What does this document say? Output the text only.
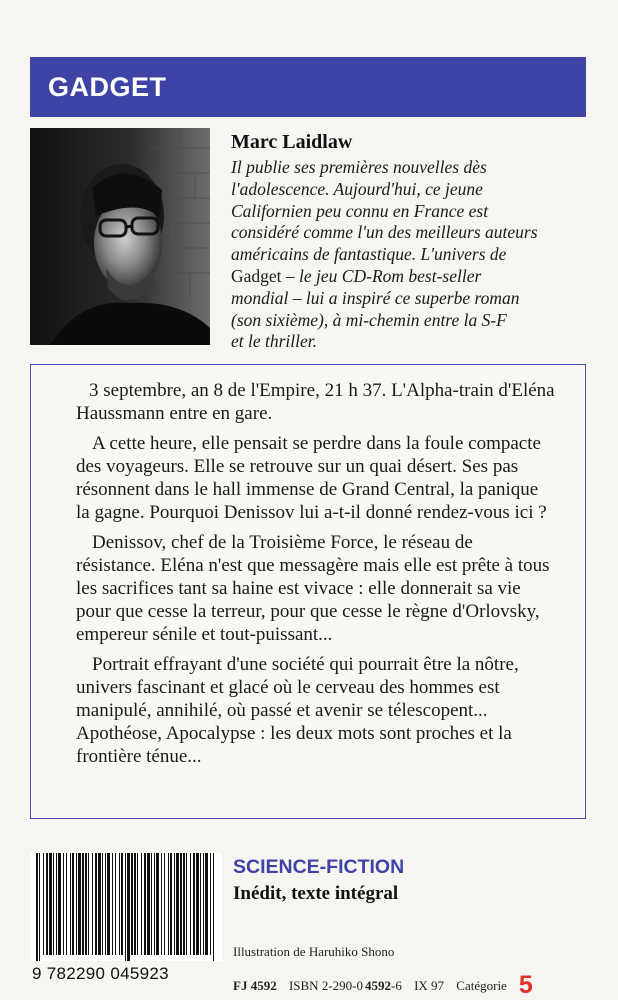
GADGET
Marc Laidlaw
Il publie ses premières nouvelles dès
l'adolescence. Aujourd'hui, ce jeune
Californien peu connu en France est
considéré comme l'un des meilleurs auteurs
américains de fantastique. L'univers de
Gadget – le jeu CD-Rom best-seller
mondial – lui a inspiré ce superbe roman
(son sixième), à mi-chemin entre la S-F
et le thriller.

3 septembre, an 8 de l'Empire, 21 h 37. L'Alpha-train d'Eléna Haussmann entre en gare.

A cette heure, elle pensait se perdre dans la foule compacte des voyageurs. Elle se retrouve sur un quai désert. Ses pas résonnent dans le hall immense de Grand Central, la panique la gagne. Pourquoi Denissov lui a-t-il donné rendez-vous ici ?

Denissov, chef de la Troisième Force, le réseau de résistance. Eléna n'est que messagère mais elle est prête à tous les sacrifices tant sa haine est vivace : elle donnerait sa vie pour que cesse la terreur, pour que cesse le règne d'Orlovsky, empereur sénile et tout-puissant...

Portrait effrayant d'une société qui pourrait être la nôtre, univers fascinant et glacé où le cerveau des hommes est manipulé, annihilé, où passé et avenir se télescopent... Apothéose, Apocalypse : les deux mots sont proches et la frontière ténue...

9 782290 045923
SCIENCE-FICTION
Inédit, texte intégral
Illustration de Haruhiko Shono
FJ 4592 ISBN 2-290-0 4592-6 IX 97 Catégorie 5
